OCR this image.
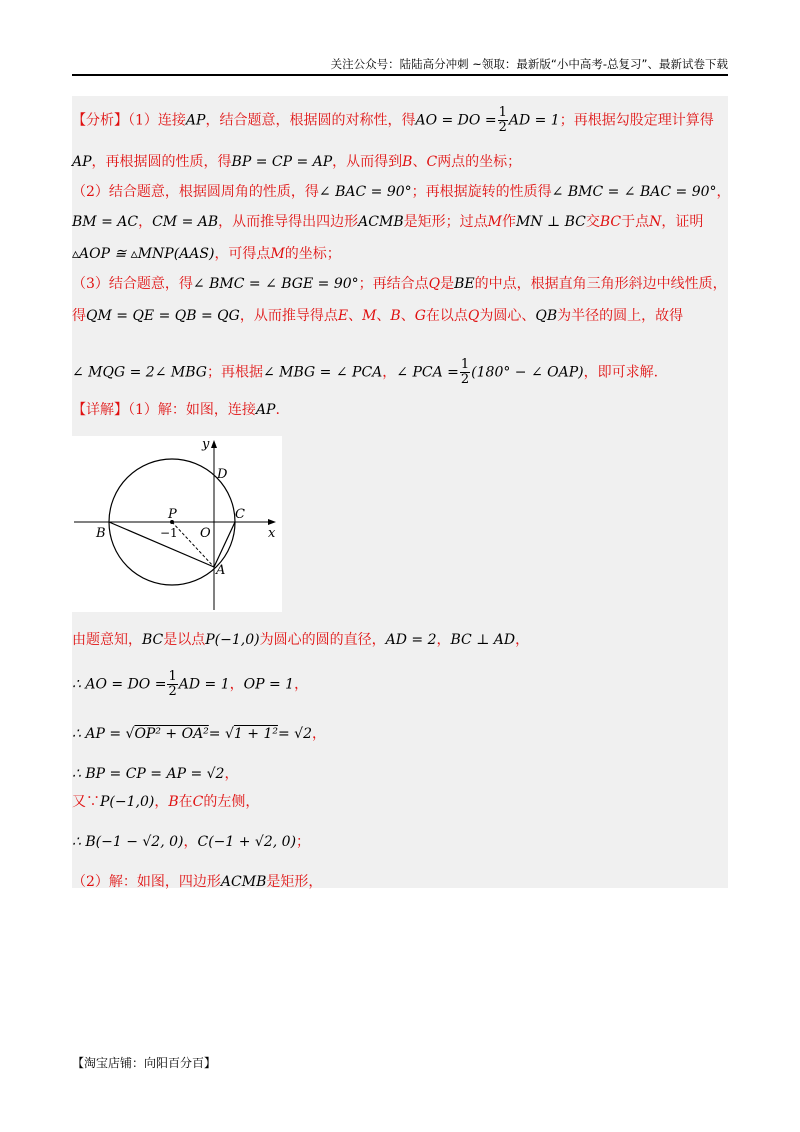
关注公众号：陆陆高分冲刺 ~领取：最新版“小中高考-总复习”、最新试卷下载
【分析】（1）连接AP，结合题意，根据圆的对称性，得AO = DO = $\frac{1}{2}$ AD = 1；再根据勾股定理计算得
AP，再根据圆的性质，得BP = CP = AP，从而得到B、C两点的坐标；
（2）结合题意，根据圆周角的性质，得∠ BAC = 90°；再根据旋转的性质得∠ BMC = ∠ BAC = 90°，
BM = AC，CM = AB，从而推导得出四边形ACMB是矩形；过点M作MN ⊥ BC交BC于点N，证明
▵AOP ≅ ▵MNP(AAS)，可得点M的坐标；
（3）结合题意，得∠ BMC = ∠ BGE = 90°；再结合点Q是BE的中点，根据直角三角形斜边中线性质，
得QM = QE = QB = QG，从而推导得点E、M、B、G在以点Q为圆心、QB为半径的圆上，故得
∠ MQG = 2∠ MBG；再根据∠ MBG = ∠ PCA，∠ PCA = $\frac{1}{2} (180^\circ$ − ∠ OAP)，即可求解.
【详解】（1）解：如图，连接AP.
y
x
D
B
P
−1 O
C
A
由题意知，BC是以点P(−1,0)为圆心的圆的直径，AD = 2，BC ⊥ AD，
∴ AO = DO = $\frac{1}{2}$ AD = 1，OP = 1，
∴ AP = √OP² + OA²= √1 + 1²= √2，
∴ BP = CP = AP = √2，
又∵P(−1,0)，B在C的左侧，
∴ B(−1 − √2, 0)，C(−1 + √2, 0)；
（2）解：如图，四边形ACMB是矩形，
【淘宝店铺：向阳百分百】
